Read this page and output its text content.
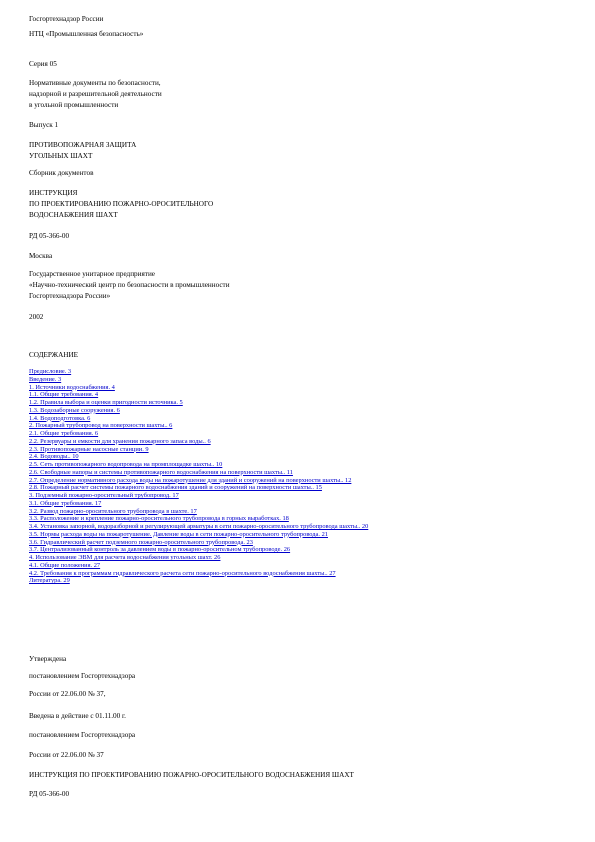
Госгортехнадзор России
НТЦ «Промышленная безопасность»
Серия 05
Нормативные документы по безопасности,
надзорной и разрешительной деятельности
в угольной промышленности
Выпуск 1
ПРОТИВОПОЖАРНАЯ ЗАЩИТА
УГОЛЬНЫХ ШАХТ
Сборник документов
ИНСТРУКЦИЯ
ПО ПРОЕКТИРОВАНИЮ ПОЖАРНО-ОРОСИТЕЛЬНОГО
ВОДОСНАБЖЕНИЯ ШАХТ
РД 05-366-00
Москва
Государственное унитарное предприятие
«Научно-технический центр по безопасности в промышленности
Госгортехнадзора России»
2002
СОДЕРЖАНИЕ
Предисловие. 3
Введение. 3
1. Источники водоснабжения. 4
1.1. Общие требования. 4
1.2. Правила выбора и оценки пригодности источника. 5
1.3. Водозаборные сооружения. 6
1.4. Водоподготовка. 6
2. Пожарный трубопровод на поверхности шахты.. 6
2.1. Общие требования. 6
2.2. Резервуары и емкости для хранения пожарного запаса воды.. 6
2.3. Противопожарные насосные станции. 9
2.4. Водоводы.. 10
2.5. Сеть противопожарного водопровода на промплощадке шахты.. 10
2.6. Свободные напоры и системы противопожарного водоснабжения на поверхности шахты.. 11
2.7. Определение нормативного расхода воды на пожаротушение для зданий и сооружений на поверхности шахты.. 12
2.8. Пожарный расчет системы пожарного водоснабжения зданий и сооружений на поверхности шахты.. 15
3. Подземный пожарно-оросительный трубопровод. 17
3.1. Общие требования. 17
3.2. Развод пожарно-оросительного трубопровода в шахте. 17
3.3. Расположение и крепление пожарно-оросительного трубопровода в горных выработках. 18
3.4. Установка запорной, водоразборной и регулирующей арматуры в сети пожарно-оросительного трубопровода шахты.. 20
3.5. Нормы расхода воды на пожаротушение. Давление воды в сети пожарно-оросительного трубопровода. 21
3.6. Гидравлический расчет подземного пожарно-оросительного трубопровода. 23
3.7. Централизованный контроль за давлением воды в пожарно-оросительном трубопроводе. 26
4. Использование ЭВМ для расчета водоснабжения угольных шахт. 26
4.1. Общие положения. 27
4.2. Требования к программам гидравлического расчета сети пожарно-оросительного водоснабжения шахты.. 27
Литература. 29
Утверждена
постановлением Госгортехнадзора
России от 22.06.00 № 37,
Введена в действие с 01.11.00 г.
постановлением Госгортехнадзора
России от 22.06.00 № 37
ИНСТРУКЦИЯ ПО ПРОЕКТИРОВАНИЮ ПОЖАРНО-ОРОСИТЕЛЬНОГО ВОДОСНАБЖЕНИЯ ШАХТ
РД 05-366-00
